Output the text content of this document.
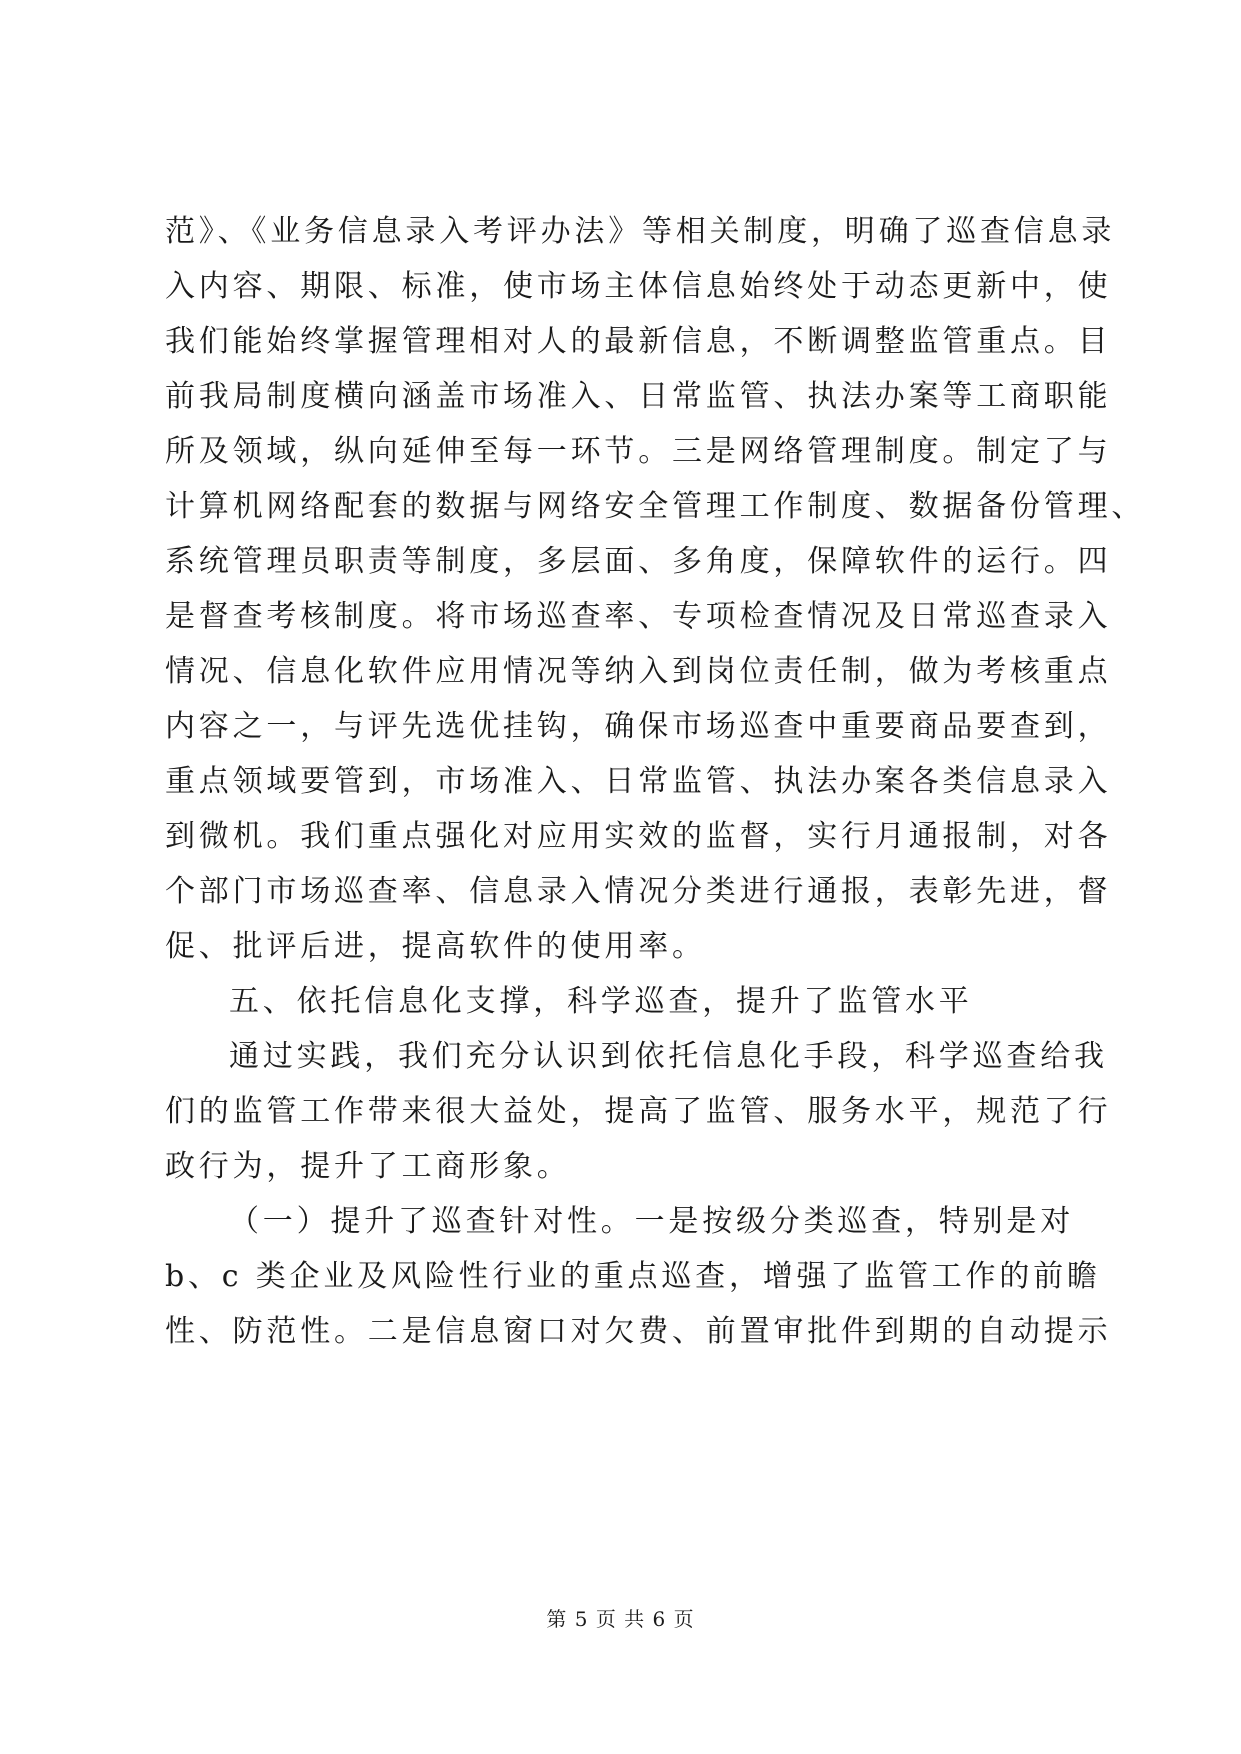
范》、《业务信息录入考评办法》等相关制度，明确了巡查信息录
入内容、期限、标准，使市场主体信息始终处于动态更新中，使
我们能始终掌握管理相对人的最新信息，不断调整监管重点。目
前我局制度横向涵盖市场准入、日常监管、执法办案等工商职能
所及领域，纵向延伸至每一环节。三是网络管理制度。制定了与
计算机网络配套的数据与网络安全管理工作制度、数据备份管理、
系统管理员职责等制度，多层面、多角度，保障软件的运行。四
是督查考核制度。将市场巡查率、专项检查情况及日常巡查录入
情况、信息化软件应用情况等纳入到岗位责任制，做为考核重点
内容之一，与评先选优挂钩，确保市场巡查中重要商品要查到，
重点领域要管到，市场准入、日常监管、执法办案各类信息录入
到微机。我们重点强化对应用实效的监督，实行月通报制，对各
个部门市场巡查率、信息录入情况分类进行通报，表彰先进，督
促、批评后进，提高软件的使用率。
五、依托信息化支撑，科学巡查，提升了监管水平
通过实践，我们充分认识到依托信息化手段，科学巡查给我
们的监管工作带来很大益处，提高了监管、服务水平，规范了行
政行为，提升了工商形象。
（一）提升了巡查针对性。一是按级分类巡查，特别是对
b、c 类企业及风险性行业的重点巡查，增强了监管工作的前瞻
性、防范性。二是信息窗口对欠费、前置审批件到期的自动提示
第 5 页 共 6 页
